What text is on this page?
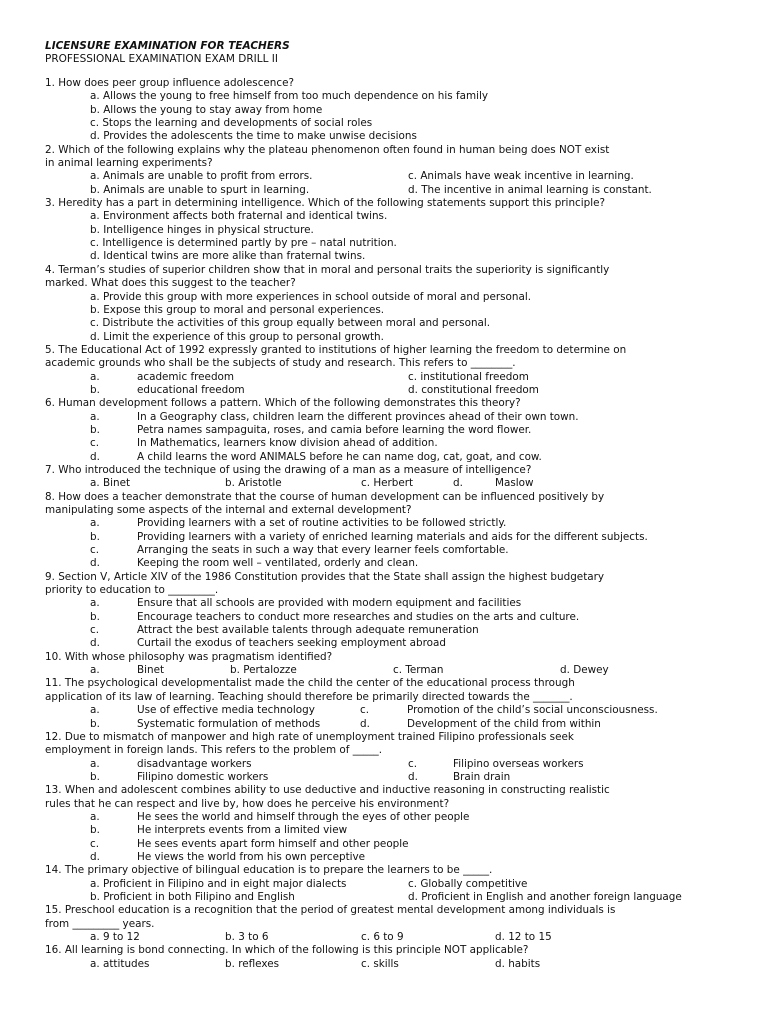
LICENSURE EXAMINATION FOR TEACHERS
PROFESSIONAL EXAMINATION EXAM DRILL II
1. How does peer group influence adolescence?
a. Allows the young to free himself from too much dependence on his family
b. Allows the young to stay away from home
c. Stops the learning and developments of social roles
d. Provides the adolescents the time to make unwise decisions
2. Which of the following explains why the plateau phenomenon often found in human being does NOT exist
in animal learning experiments?
a. Animals are unable to profit from errors.	c. Animals have weak incentive in learning.
b. Animals are unable to spurt in learning.	d. The incentive in animal learning is constant.
3. Heredity has a part in determining intelligence. Which of the following statements support this principle?
a. Environment affects both fraternal and identical twins.
b. Intelligence hinges in physical structure.
c. Intelligence is determined partly by pre – natal nutrition.
d. Identical twins are more alike than fraternal twins.
4. Terman’s studies of superior children show that in moral and personal traits the superiority is significantly
marked. What does this suggest to the teacher?
a. Provide this group with more experiences in school outside of moral and personal.
b. Expose this group to moral and personal experiences.
c. Distribute the activities of this group equally between moral and personal.
d. Limit the experience of this group to personal growth.
5. The Educational Act of 1992 expressly granted to institutions of higher learning the freedom to determine on
academic grounds who shall be the subjects of study and research. This refers to ________.
a.	academic freedom	c. institutional freedom
b.	educational freedom	d. constitutional freedom
6. Human development follows a pattern. Which of the following demonstrates this theory?
a.	In a Geography class, children learn the different provinces ahead of their own town.
b.	Petra names sampaguita, roses, and camia before learning the word flower.
c.	In Mathematics, learners know division ahead of addition.
d.	A child learns the word ANIMALS before he can name dog, cat, goat, and cow.
7. Who introduced the technique of using the drawing of a man as a measure of intelligence?
a. Binet	b. Aristotle	c. Herbert	d.	Maslow
8. How does a teacher demonstrate that the course of human development can be influenced positively by
manipulating some aspects of the internal and external development?
a.	Providing learners with a set of routine activities to be followed strictly.
b.	Providing learners with a variety of enriched learning materials and aids for the different subjects.
c.	Arranging the seats in such a way that every learner feels comfortable.
d.	Keeping the room well – ventilated, orderly and clean.
9. Section V, Article XIV of the 1986 Constitution provides that the State shall assign the highest budgetary
priority to education to _________.
a.	Ensure that all schools are provided with modern equipment and facilities
b.	Encourage teachers to conduct more researches and studies on the arts and culture.
c.	Attract the best available talents through adequate remuneration
d.	Curtail the exodus of teachers seeking employment abroad
10. With whose philosophy was pragmatism identified?
a.	Binet	b. Pertalozze	c. Terman	d. Dewey
11. The psychological developmentalist made the child the center of the educational process through
application of its law of learning. Teaching should therefore be primarily directed towards the _______.
a.	Use of effective media technology	c.	Promotion of the child’s social unconsciousness.
b.	Systematic formulation of methods	d.	Development of the child from within
12. Due to mismatch of manpower and high rate of unemployment trained Filipino professionals seek
employment in foreign lands. This refers to the problem of _____.
a.	disadvantage workers	c.	Filipino overseas workers
b.	Filipino domestic workers	d.	Brain drain
13. When and adolescent combines ability to use deductive and inductive reasoning in constructing realistic
rules that he can respect and live by, how does he perceive his environment?
a.	He sees the world and himself through the eyes of other people
b.	He interprets events from a limited view
c.	He sees events apart form himself and other people
d.	He views the world from his own perceptive
14. The primary objective of bilingual education is to prepare the learners to be _____.
a. Proficient in Filipino and in eight major dialects	c. Globally competitive
b. Proficient in both Filipino and English	d. Proficient in English and another foreign language
15. Preschool education is a recognition that the period of greatest mental development among individuals is
from _________ years.
a. 9 to 12	b. 3 to 6	c. 6 to 9	d. 12 to 15
16. All learning is bond connecting. In which of the following is this principle NOT applicable?
a. attitudes	b. reflexes	c. skills	d. habits
